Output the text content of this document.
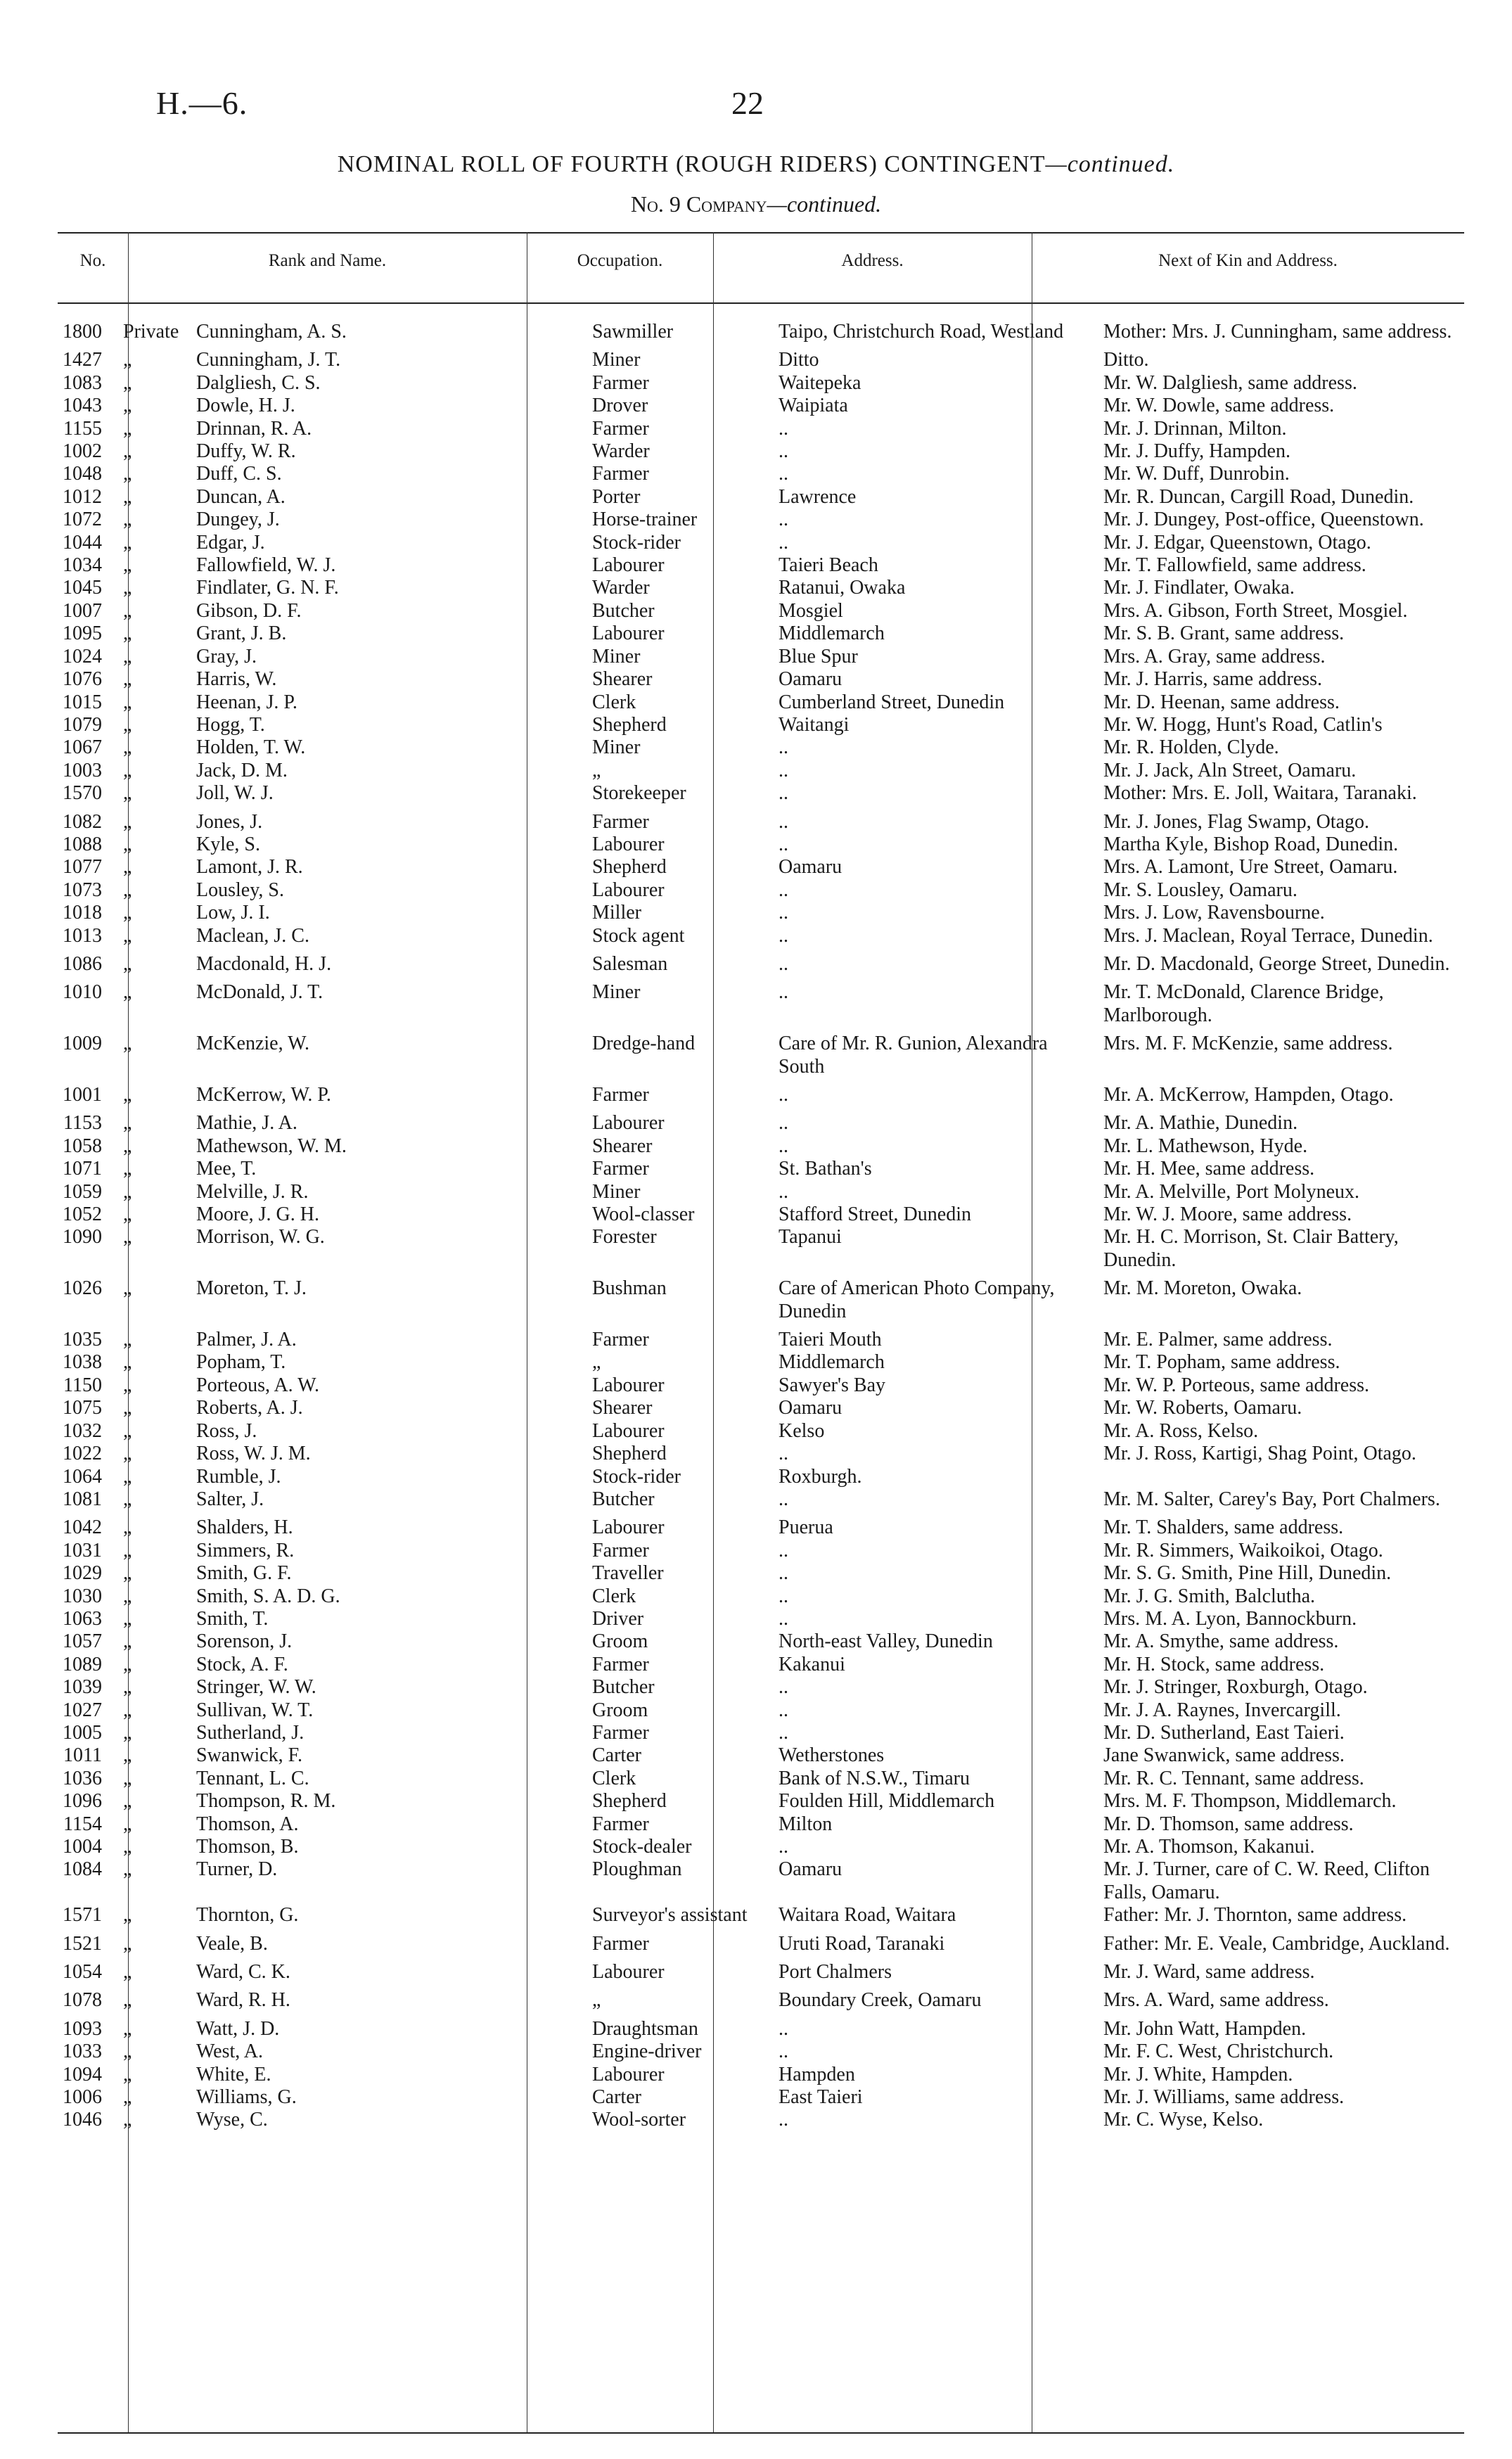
H.—6.	22
NOMINAL ROLL OF FOURTH (ROUGH RIDERS) CONTINGENT—continued.
No. 9 Company—continued.
No.	Rank and Name.	Occupation.	Address.	Next of Kin and Address.
1800	Private	Cunningham, A. S.	Sawmiller	Taipo, Christchurch Road, Westland	Mother: Mrs. J. Cunningham, same address.
1427	„	Cunningham, J. T.	Miner	Ditto	Ditto.
1083	„	Dalgliesh, C. S.	Farmer	Waitepeka	Mr. W. Dalgliesh, same address.
1043	„	Dowle, H. J.	Drover	Waipiata	Mr. W. Dowle, same address.
1155	„	Drinnan, R. A.	Farmer	..	Mr. J. Drinnan, Milton.
1002	„	Duffy, W. R.	Warder	..	Mr. J. Duffy, Hampden.
1048	„	Duff, C. S.	Farmer	..	Mr. W. Duff, Dunrobin.
1012	„	Duncan, A.	Porter	Lawrence	Mr. R. Duncan, Cargill Road, Dunedin.
1072	„	Dungey, J.	Horse-trainer	..	Mr. J. Dungey, Post-office, Queenstown.
1044	„	Edgar, J.	Stock-rider	..	Mr. J. Edgar, Queenstown, Otago.
1034	„	Fallowfield, W. J.	Labourer	Taieri Beach	Mr. T. Fallowfield, same address.
1045	„	Findlater, G. N. F.	Warder	Ratanui, Owaka	Mr. J. Findlater, Owaka.
1007	„	Gibson, D. F.	Butcher	Mosgiel	Mrs. A. Gibson, Forth Street, Mosgiel.
1095	„	Grant, J. B.	Labourer	Middlemarch	Mr. S. B. Grant, same address.
1024	„	Gray, J.	Miner	Blue Spur	Mrs. A. Gray, same address.
1076	„	Harris, W.	Shearer	Oamaru	Mr. J. Harris, same address.
1015	„	Heenan, J. P.	Clerk	Cumberland Street, Dunedin	Mr. D. Heenan, same address.
1079	„	Hogg, T.	Shepherd	Waitangi	Mr. W. Hogg, Hunt's Road, Catlin's
1067	„	Holden, T. W.	Miner	..	Mr. R. Holden, Clyde.
1003	„	Jack, D. M.	„	..	Mr. J. Jack, Aln Street, Oamaru.
1570	„	Joll, W. J.	Storekeeper	..	Mother: Mrs. E. Joll, Waitara, Taranaki.
1082	„	Jones, J.	Farmer	..	Mr. J. Jones, Flag Swamp, Otago.
1088	„	Kyle, S.	Labourer	..	Martha Kyle, Bishop Road, Dunedin.
1077	„	Lamont, J. R.	Shepherd	Oamaru	Mrs. A. Lamont, Ure Street, Oamaru.
1073	„	Lousley, S.	Labourer	..	Mr. S. Lousley, Oamaru.
1018	„	Low, J. I.	Miller	..	Mrs. J. Low, Ravensbourne.
1013	„	Maclean, J. C.	Stock agent	..	Mrs. J. Maclean, Royal Terrace, Dunedin.
1086	„	Macdonald, H. J.	Salesman	..	Mr. D. Macdonald, George Street, Dunedin.
1010	„	McDonald, J. T.	Miner	..	Mr. T. McDonald, Clarence Bridge, Marlborough.
1009	„	McKenzie, W.	Dredge-hand	Care of Mr. R. Gunion, Alexandra South	Mrs. M. F. McKenzie, same address.
1001	„	McKerrow, W. P.	Farmer	..	Mr. A. McKerrow, Hampden, Otago.
1153	„	Mathie, J. A.	Labourer	..	Mr. A. Mathie, Dunedin.
1058	„	Mathewson, W. M.	Shearer	..	Mr. L. Mathewson, Hyde.
1071	„	Mee, T.	Farmer	St. Bathan's	Mr. H. Mee, same address.
1059	„	Melville, J. R.	Miner	..	Mr. A. Melville, Port Molyneux.
1052	„	Moore, J. G. H.	Wool-classer	Stafford Street, Dunedin	Mr. W. J. Moore, same address.
1090	„	Morrison, W. G.	Forester	Tapanui	Mr. H. C. Morrison, St. Clair Battery, Dunedin.
1026	„	Moreton, T. J.	Bushman	Care of American Photo Company, Dunedin	Mr. M. Moreton, Owaka.
1035	„	Palmer, J. A.	Farmer	Taieri Mouth	Mr. E. Palmer, same address.
1038	„	Popham, T.	„	Middlemarch	Mr. T. Popham, same address.
1150	„	Porteous, A. W.	Labourer	Sawyer's Bay	Mr. W. P. Porteous, same address.
1075	„	Roberts, A. J.	Shearer	Oamaru	Mr. W. Roberts, Oamaru.
1032	„	Ross, J.	Labourer	Kelso	Mr. A. Ross, Kelso.
1022	„	Ross, W. J. M.	Shepherd	..	Mr. J. Ross, Kartigi, Shag Point, Otago.
1064	„	Rumble, J.	Stock-rider	Roxburgh.	
1081	„	Salter, J.	Butcher	..	Mr. M. Salter, Carey's Bay, Port Chalmers.
1042	„	Shalders, H.	Labourer	Puerua	Mr. T. Shalders, same address.
1031	„	Simmers, R.	Farmer	..	Mr. R. Simmers, Waikoikoi, Otago.
1029	„	Smith, G. F.	Traveller	..	Mr. S. G. Smith, Pine Hill, Dunedin.
1030	„	Smith, S. A. D. G.	Clerk	..	Mr. J. G. Smith, Balclutha.
1063	„	Smith, T.	Driver	..	Mrs. M. A. Lyon, Bannockburn.
1057	„	Sorenson, J.	Groom	North-east Valley, Dunedin	Mr. A. Smythe, same address.
1089	„	Stock, A. F.	Farmer	Kakanui	Mr. H. Stock, same address.
1039	„	Stringer, W. W.	Butcher	..	Mr. J. Stringer, Roxburgh, Otago.
1027	„	Sullivan, W. T.	Groom	..	Mr. J. A. Raynes, Invercargill.
1005	„	Sutherland, J.	Farmer	..	Mr. D. Sutherland, East Taieri.
1011	„	Swanwick, F.	Carter	Wetherstones	Jane Swanwick, same address.
1036	„	Tennant, L. C.	Clerk	Bank of N.S.W., Timaru	Mr. R. C. Tennant, same address.
1096	„	Thompson, R. M.	Shepherd	Foulden Hill, Middlemarch	Mrs. M. F. Thompson, Middlemarch.
1154	„	Thomson, A.	Farmer	Milton	Mr. D. Thomson, same address.
1004	„	Thomson, B.	Stock-dealer	..	Mr. A. Thomson, Kakanui.
1084	„	Turner, D.	Ploughman	Oamaru	Mr. J. Turner, care of C. W. Reed, Clifton Falls, Oamaru.
1571	„	Thornton, G.	Surveyor's assistant	Waitara Road, Waitara	Father: Mr. J. Thornton, same address.
1521	„	Veale, B.	Farmer	Uruti Road, Taranaki	Father: Mr. E. Veale, Cambridge, Auckland.
1054	„	Ward, C. K.	Labourer	Port Chalmers	Mr. J. Ward, same address.
1078	„	Ward, R. H.	„	Boundary Creek, Oamaru	Mrs. A. Ward, same address.
1093	„	Watt, J. D.	Draughtsman	..	Mr. John Watt, Hampden.
1033	„	West, A.	Engine-driver	..	Mr. F. C. West, Christchurch.
1094	„	White, E.	Labourer	Hampden	Mr. J. White, Hampden.
1006	„	Williams, G.	Carter	East Taieri	Mr. J. Williams, same address.
1046	„	Wyse, C.	Wool-sorter	..	Mr. C. Wyse, Kelso.
